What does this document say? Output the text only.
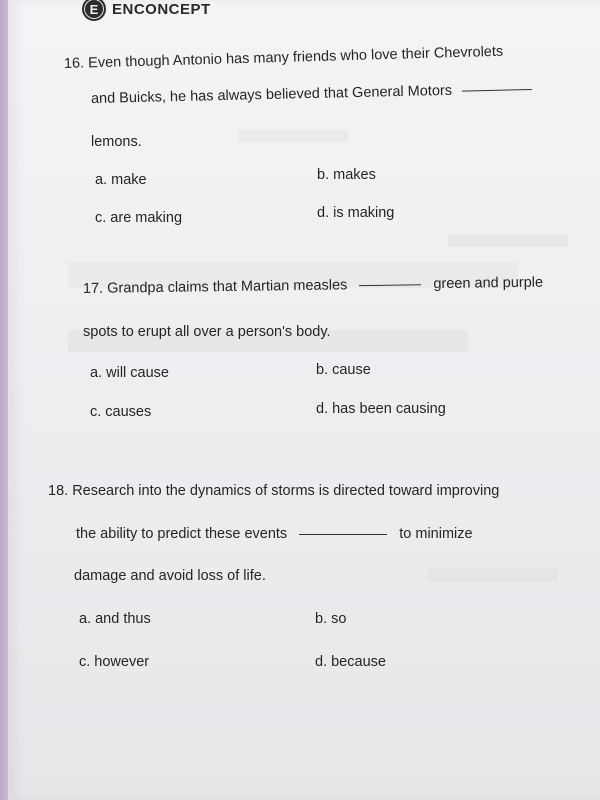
E ENCONCEPT
16. Even though Antonio has many friends who love their Chevrolets
and Buicks, he has always believed that General Motors
lemons.
a. make	b. makes
c. are making	d. is making
17. Grandpa claims that Martian measles	green and purple
spots to erupt all over a person's body.
a. will cause	b. cause
c. causes	d. has been causing
18. Research into the dynamics of storms is directed toward improving
the ability to predict these events	to minimize
damage and avoid loss of life.
a. and thus	b. so
c. however	d. because
